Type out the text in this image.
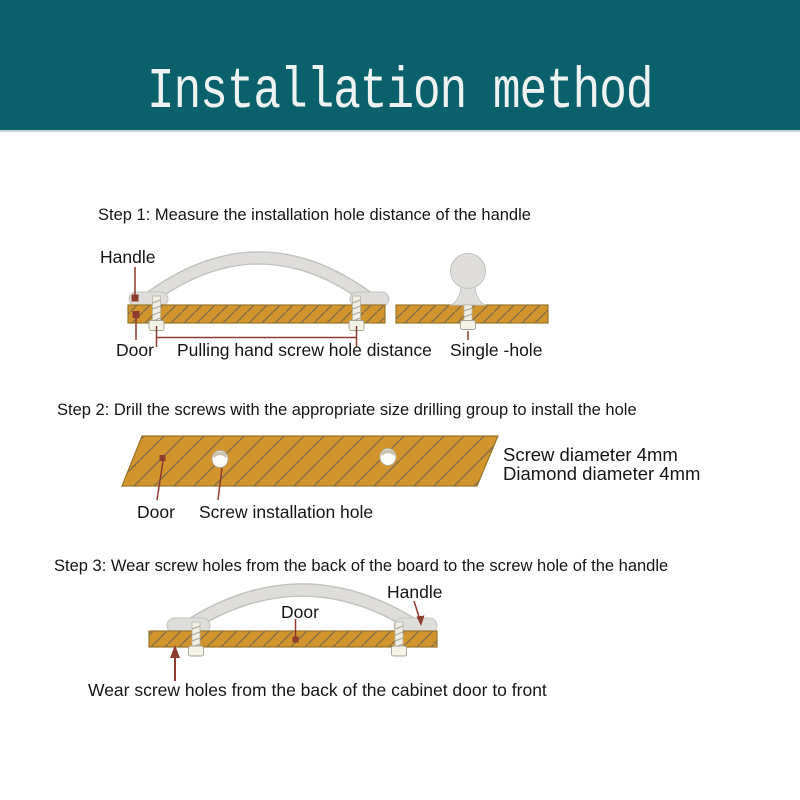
Installation method
Step 1: Measure the installation hole distance of the handle
Handle
Door Pulling hand screw hole distance Single -hole
Step 2: Drill the screws with the appropriate size drilling group to install the hole
Door Screw installation hole
Screw diameter 4mm
Diamond diameter 4mm
Step 3: Wear screw holes from the back of the board to the screw hole of the handle
Handle
Door
Wear screw holes from the back of the cabinet door to front
